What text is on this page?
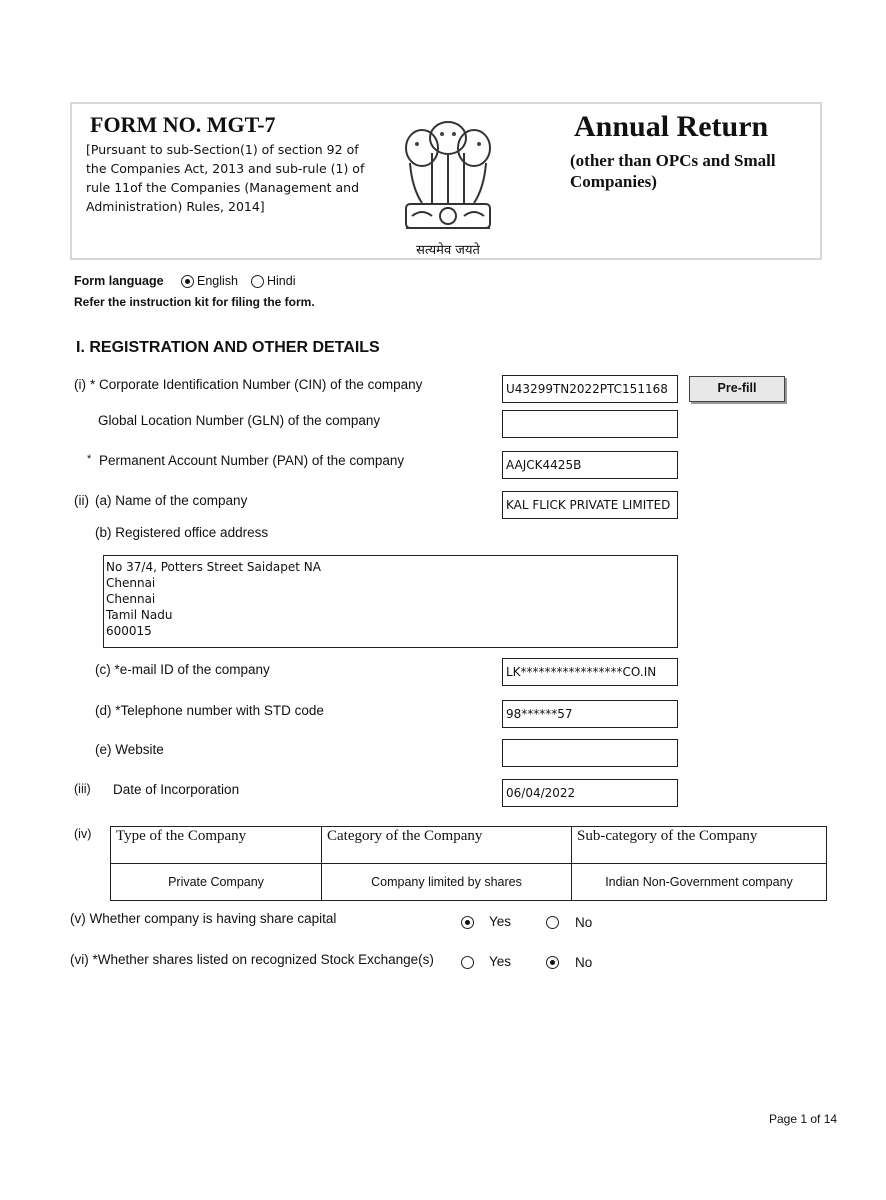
FORM NO. MGT-7
[Pursuant to sub-Section(1) of section 92 of
the Companies Act, 2013 and sub-rule (1) of
rule 11of the Companies (Management and
Administration) Rules, 2014]
सत्यमेव जयते
Annual Return
(other than OPCs and Small
Companies)
Form language	English Hindi
Refer the instruction kit for filing the form.
I. REGISTRATION AND OTHER DETAILS
(i) * Corporate Identification Number (CIN) of the company	U43299TN2022PTC151168	Pre-fill
Global Location Number (GLN) of the company
* Permanent Account Number (PAN) of the company	AAJCK4425B
(ii) (a) Name of the company	KAL FLICK PRIVATE LIMITED
(b) Registered office address
No 37/4, Potters Street Saidapet NA
Chennai
Chennai
Tamil Nadu
600015
(c) *e-mail ID of the company	LK*****************CO.IN
(d) *Telephone number with STD code	98******57
(e) Website
(iii) Date of Incorporation	06/04/2022
(iv) Type of the Company	Category of the Company	Sub-category of the Company
Private Company	Company limited by shares	Indian Non-Government company
(v) Whether company is having share capital	Yes	No
(vi) *Whether shares listed on recognized Stock Exchange(s)	Yes	No
Page 1 of 14
